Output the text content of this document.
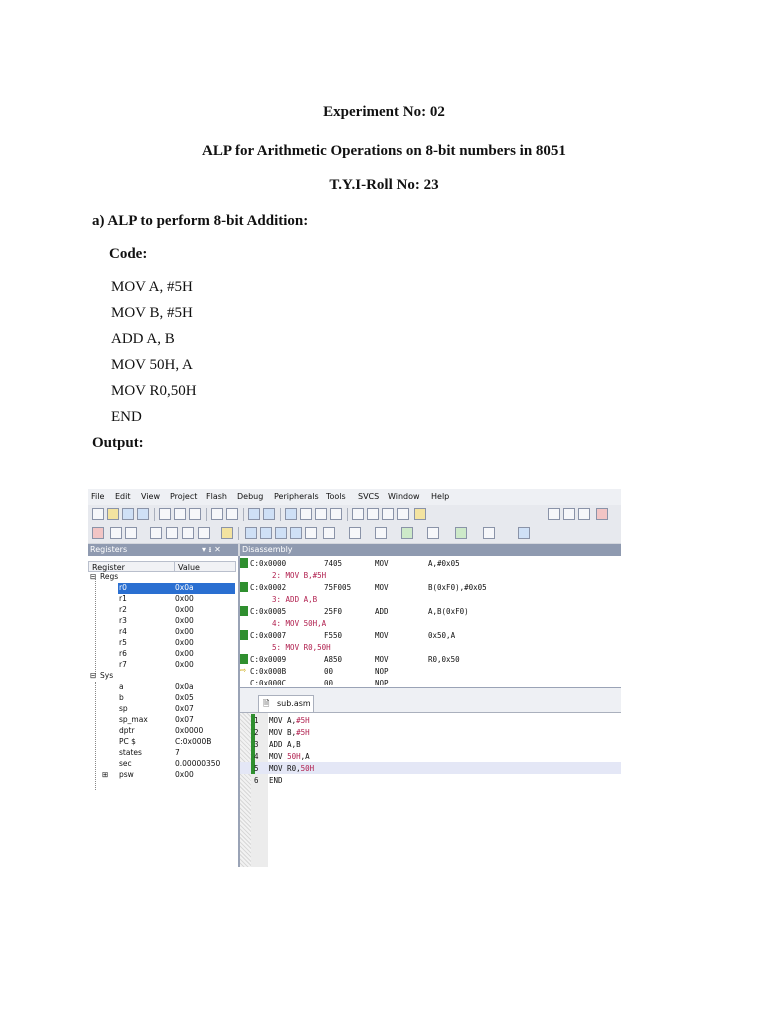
Experiment No: 02
ALP for Arithmetic Operations on 8-bit numbers in 8051
T.Y.I-Roll No: 23
a) ALP to perform 8-bit Addition:
Code:
MOV A, #5H
MOV B, #5H
ADD A, B
MOV 50H, A
MOV R0,50H
END
Output:
File Edit View Project Flash Debug Peripherals Tools SVCS Window Help
Registers	▾ ᵻ ✕
Register	Value
⊟ Regs
r0	0x0a
r1	0x00
r2	0x00
r3	0x00
r4	0x00
r5	0x00
r6	0x00
r7	0x00
⊟ Sys
a	0x0a
b	0x05
sp	0x07
sp_max	0x07
dptr	0x0000
PC $	C:0x000B
states	7
sec	0.00000350
⊞ psw	0x00
Disassembly
C:0x0000	7405	MOV	A,#0x05
2: MOV B,#5H
C:0x0002	75F005	MOV	B(0xF0),#0x05
3: ADD A,B
C:0x0005	25F0	ADD	A,B(0xF0)
4: MOV 50H,A
C:0x0007	F550	MOV	0x50,A
5: MOV R0,50H
C:0x0009	A850	MOV	R0,0x50
⇨ C:0x000B	00	NOP
C:0x000C	00	NOP
🗎 sub.asm
1 MOV A,#5H
2 MOV B,#5H
3 ADD A,B
4 MOV 50H,A
5 MOV R0,50H
6 END
